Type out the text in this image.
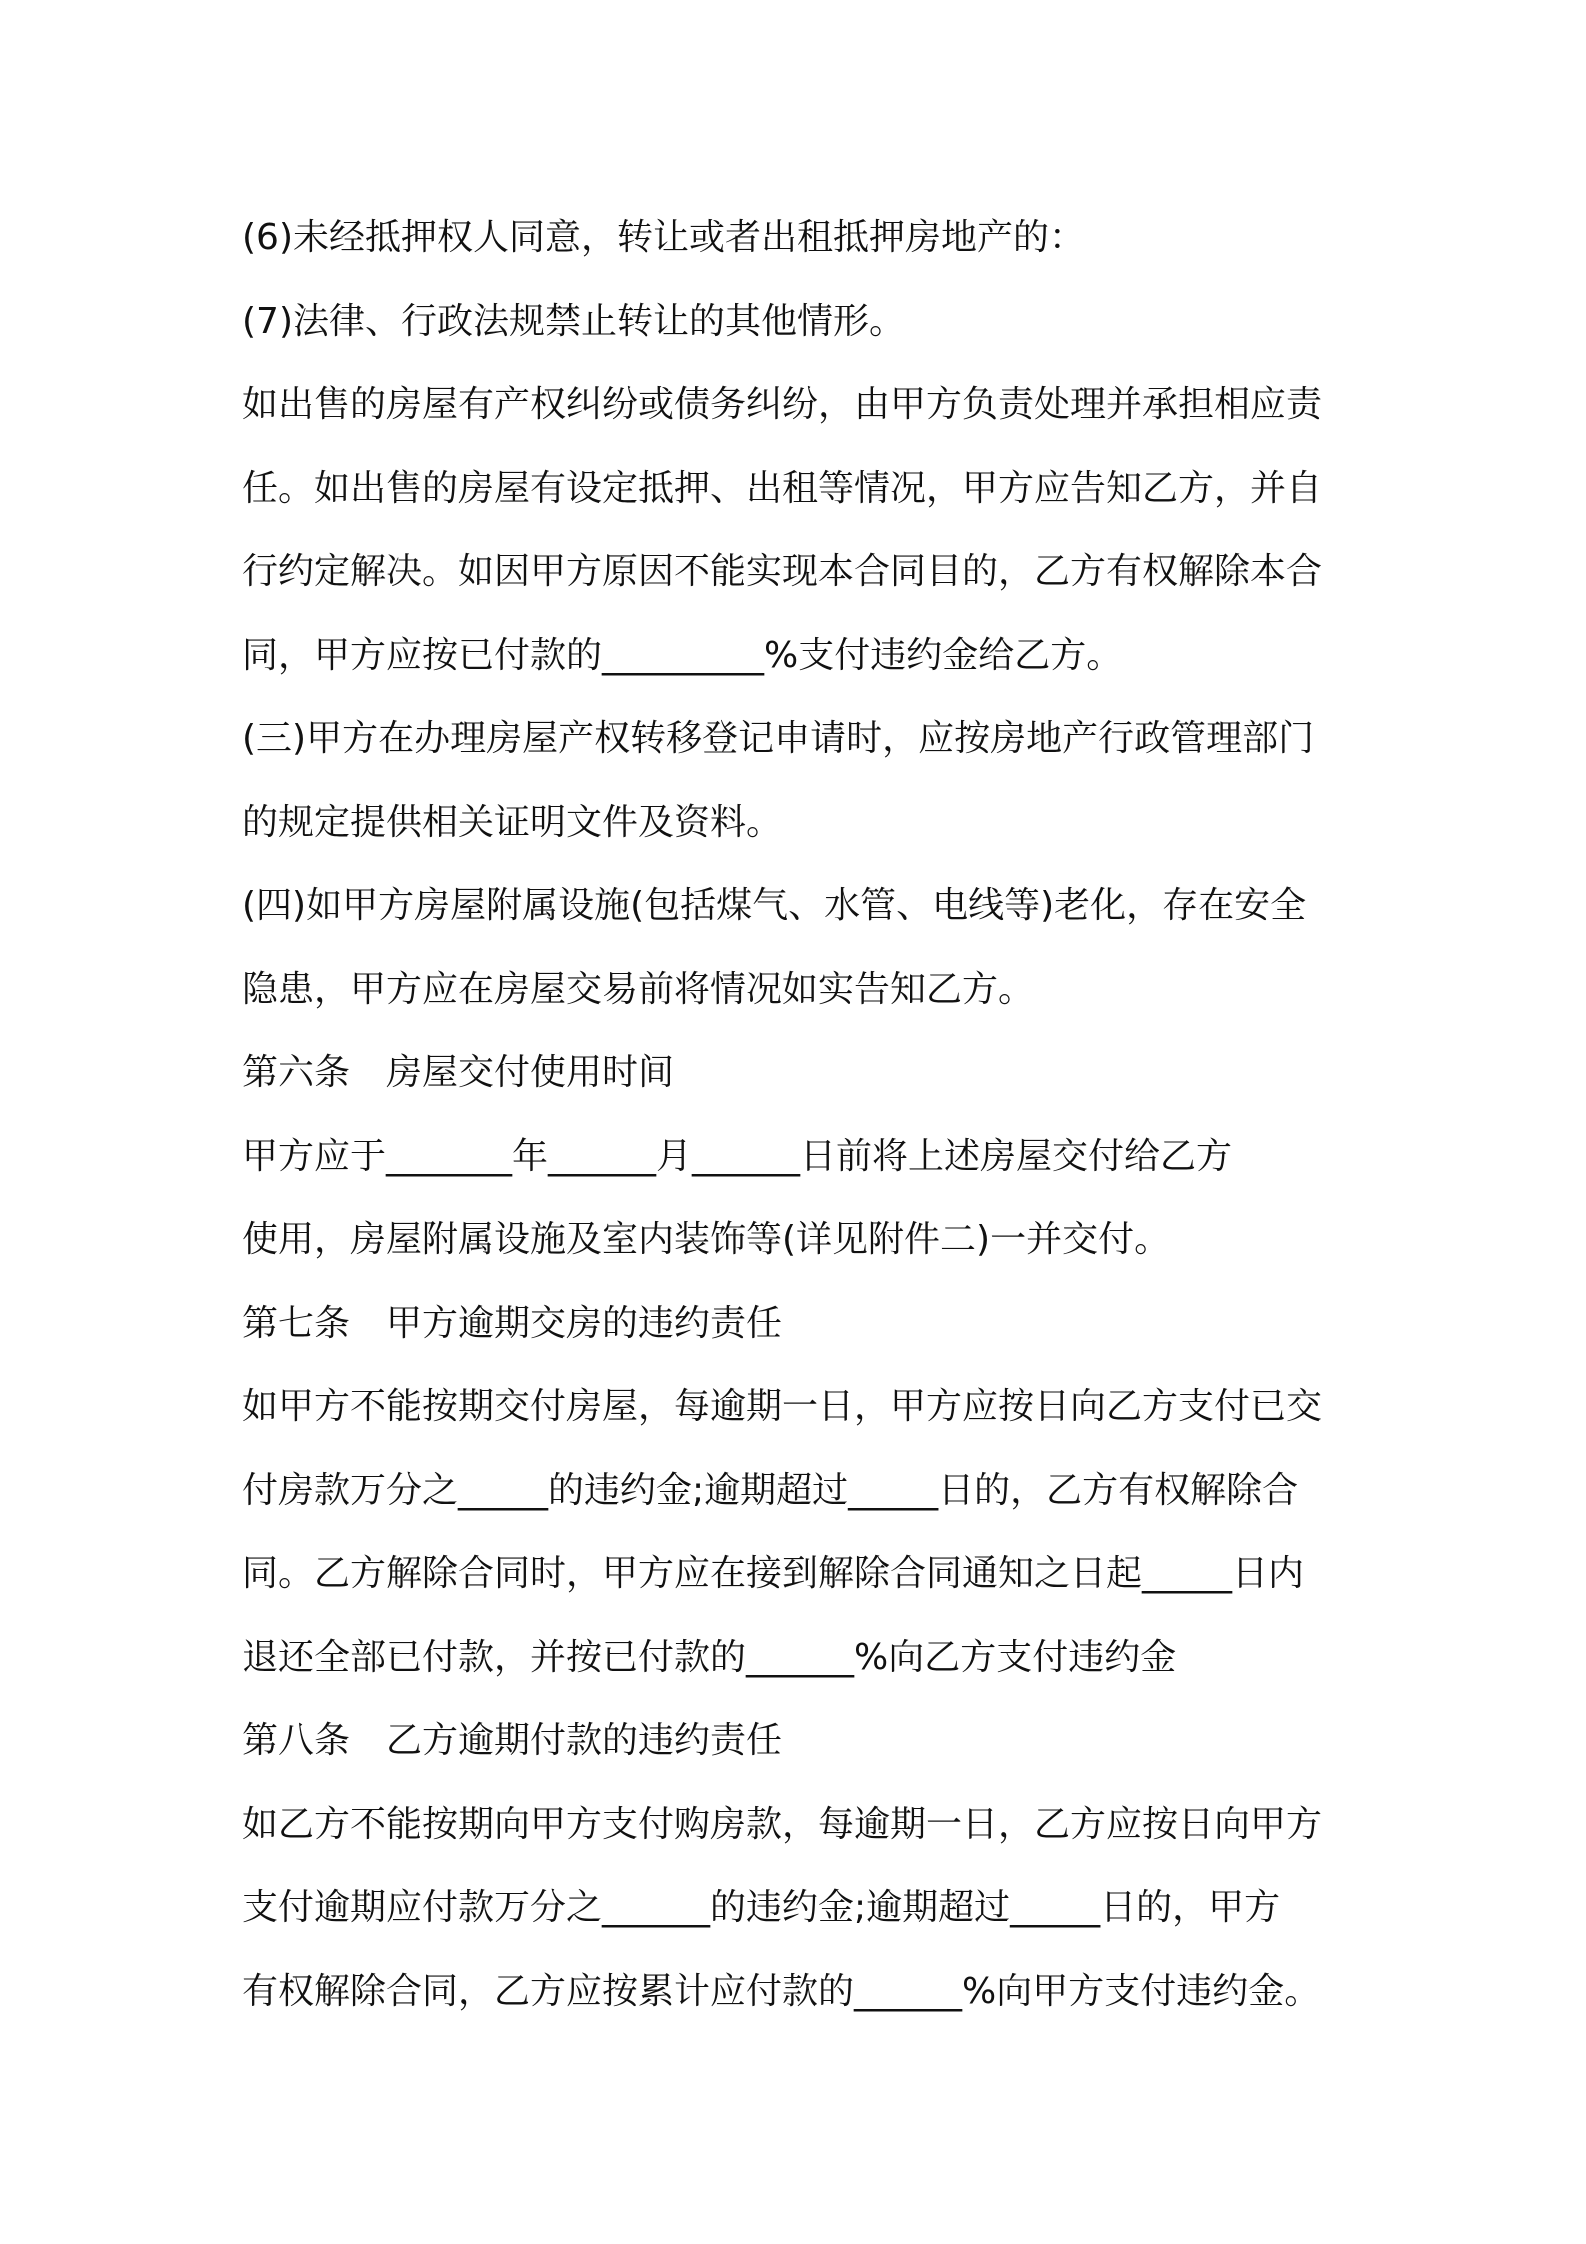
(6)未经抵押权人同意，转让或者出租抵押房地产的：
(7)法律、行政法规禁止转让的其他情形。
如出售的房屋有产权纠纷或债务纠纷，由甲方负责处理并承担相应责
任。如出售的房屋有设定抵押、出租等情况，甲方应告知乙方，并自
行约定解决。如因甲方原因不能实现本合同目的，乙方有权解除本合
同，甲方应按已付款的_________%支付违约金给乙方。
(三)甲方在办理房屋产权转移登记申请时，应按房地产行政管理部门
的规定提供相关证明文件及资料。
(四)如甲方房屋附属设施(包括煤气、水管、电线等)老化，存在安全
隐患，甲方应在房屋交易前将情况如实告知乙方。
第六条　房屋交付使用时间
甲方应于_______年______月______日前将上述房屋交付给乙方
使用，房屋附属设施及室内装饰等(详见附件二)一并交付。
第七条　甲方逾期交房的违约责任
如甲方不能按期交付房屋，每逾期一日，甲方应按日向乙方支付已交
付房款万分之_____的违约金;逾期超过_____日的，乙方有权解除合
同。乙方解除合同时，甲方应在接到解除合同通知之日起_____日内
退还全部已付款，并按已付款的______%向乙方支付违约金
第八条　乙方逾期付款的违约责任
如乙方不能按期向甲方支付购房款，每逾期一日，乙方应按日向甲方
支付逾期应付款万分之______的违约金;逾期超过_____日的，甲方
有权解除合同，乙方应按累计应付款的______%向甲方支付违约金。
